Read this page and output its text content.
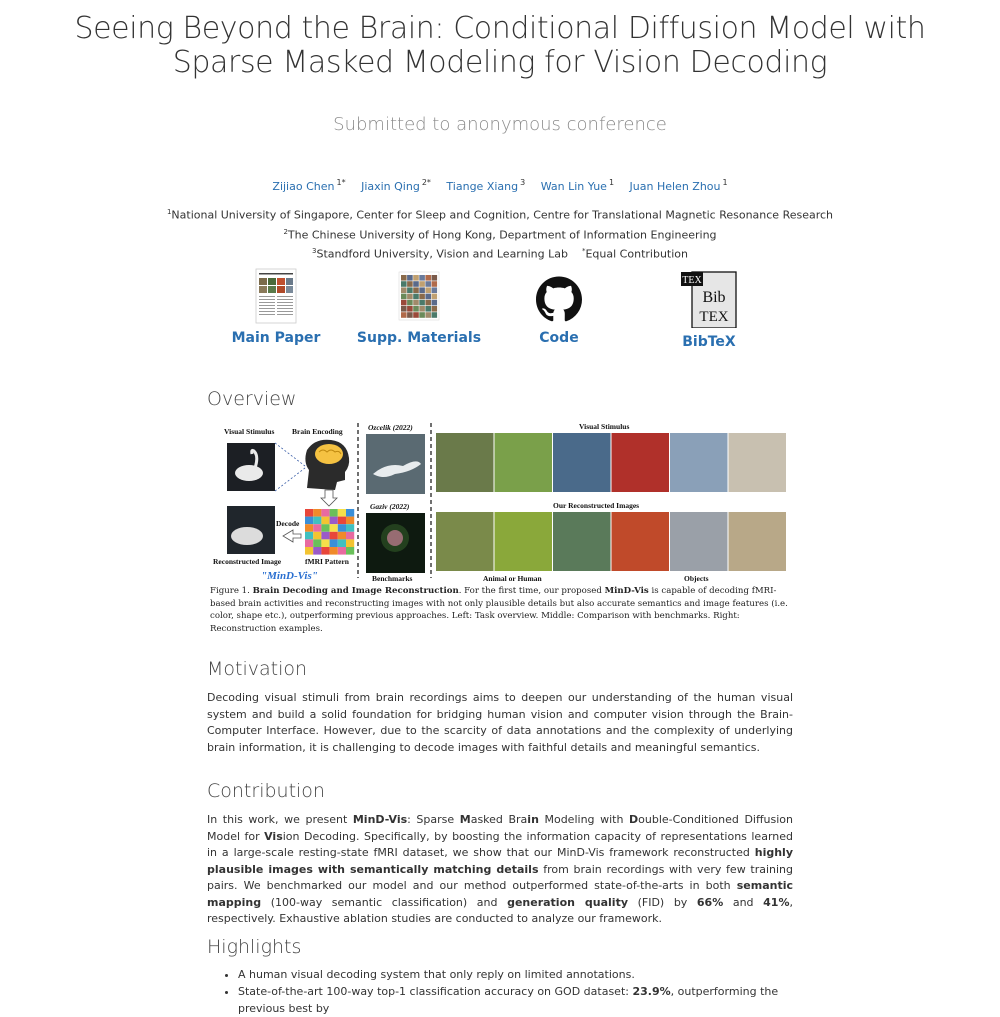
Seeing Beyond the Brain: Conditional Diffusion Model with Sparse Masked Modeling for Vision Decoding
Submitted to anonymous conference
Zijiao Chen $^{1*}$ Jiaxin Qing $^{2*}$ Tiange Xiang $^3$ Wan Lin Yue $^1$ Juan Helen Zhou $^1$
$^1$National University of Singapore, Center for Sleep and Cognition, Centre for Translational Magnetic Resonance Research
$^2$The Chinese University of Hong Kong, Department of Information Engineering
$^3$Standford University, Vision and Learning Lab *Equal Contribution
Main Paper	Supp. Materials	Code
TEX
Bib
TEX
BibTeX
Overview
Visual Stimulus Brain Encoding
Decode
Reconstructed Image	fMRI Pattern
"MinD-Vis"
Ozcelik (2022)
Gaziv (2022)
Benchmarks
Visual Stimulus
Our Reconstructed Images
Animal or Human	Objects
Figure 1. Brain Decoding and Image Reconstruction. For the first time, our proposed MinD-Vis is capable of decoding fMRI-based brain activities and reconstructing images with not only plausible details but also accurate semantics and image features (i.e. color, shape etc.), outperforming previous approaches. Left: Task overview. Middle: Comparison with benchmarks. Right: Reconstruction examples.
Motivation
Decoding visual stimuli from brain recordings aims to deepen our understanding of the human visual system and build a solid foundation for bridging human vision and computer vision through the Brain-Computer Interface. However, due to the scarcity of data annotations and the complexity of underlying brain information, it is challenging to decode images with faithful details and meaningful semantics.
Contribution
In this work, we present MinD-Vis: Sparse Masked Brain Modeling with Double-Conditioned Diffusion Model for Vision Decoding. Specifically, by boosting the information capacity of representations learned in a large-scale resting-state fMRI dataset, we show that our MinD-Vis framework reconstructed highly plausible images with semantically matching details from brain recordings with very few training pairs. We benchmarked our model and our method outperformed state-of-the-arts in both semantic mapping (100-way semantic classification) and generation quality (FID) by 66% and 41%, respectively. Exhaustive ablation studies are conducted to analyze our framework.
Highlights
• A human visual decoding system that only reply on limited annotations.
• State-of-the-art 100-way top-1 classification accuracy on GOD dataset: 23.9%, outperforming the previous best by
